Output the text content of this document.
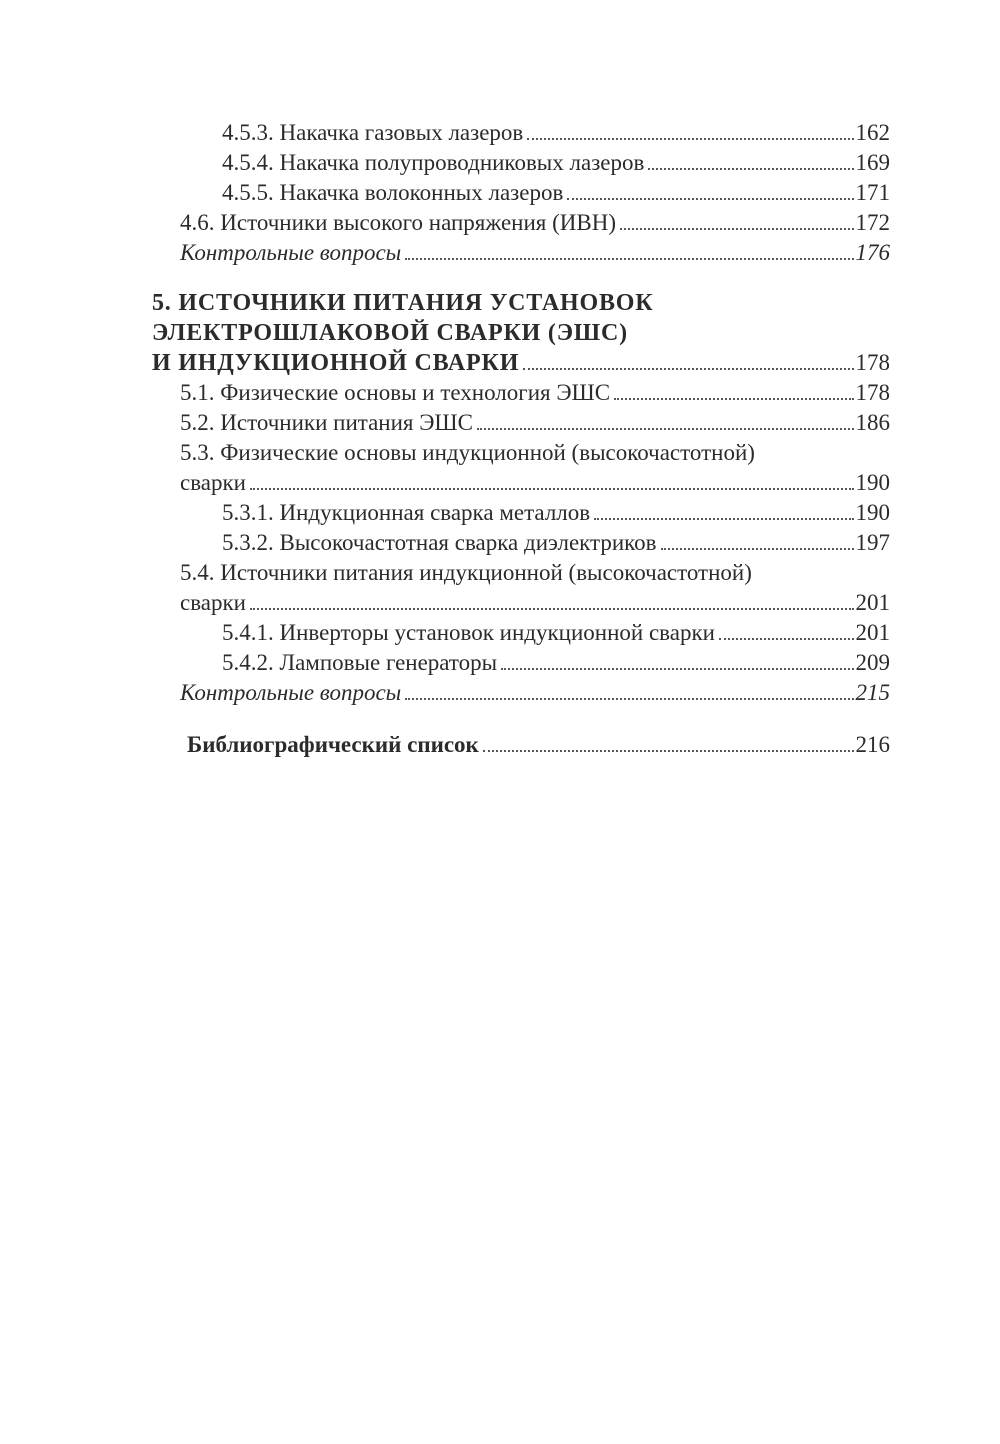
4.5.3. Накачка газовых лазеров	162
4.5.4. Накачка полупроводниковых лазеров	169
4.5.5. Накачка волоконных лазеров	171
4.6. Источники высокого напряжения (ИВН)	172
Контрольные вопросы	176
5. ИСТОЧНИКИ ПИТАНИЯ УСТАНОВОК
ЭЛЕКТРОШЛАКОВОЙ СВАРКИ (ЭШС)
И ИНДУКЦИОННОЙ СВАРКИ	178
5.1. Физические основы и технология ЭШС	178
5.2. Источники питания ЭШС	186
5.3. Физические основы индукционной (высокочастотной)
сварки	190
5.3.1. Индукционная сварка металлов	190
5.3.2. Высокочастотная сварка диэлектриков	197
5.4. Источники питания индукционной (высокочастотной)
сварки	201
5.4.1. Инверторы установок индукционной сварки	201
5.4.2. Ламповые генераторы	209
Контрольные вопросы	215
Библиографический список	216
